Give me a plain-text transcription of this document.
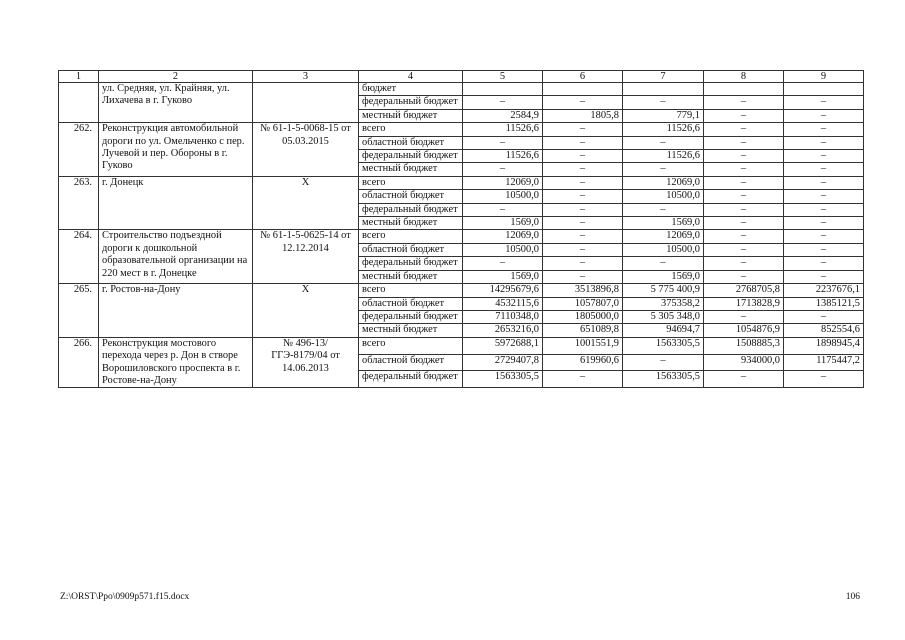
1	2	3	4	5	6	7	8	9
	ул. Средняя, ул. Крайняя, ул. Лихачева в г. Гуково		бюджет					
			федеральный бюджет	–	–	–	–	–
			местный бюджет	2584,9	1805,8	779,1	–	–
262.	Реконструкция автомобильной дороги по ул. Омельченко с пер. Лучевой и пер. Обороны в г. Гуково	№ 61-1-5-0068-15 от 05.03.2015	всего	11526,6	–	11526,6	–	–
			областной бюджет	–	–	–	–	–
			федеральный бюджет	11526,6	–	11526,6	–	–
			местный бюджет	–	–	–	–	–
263.	г. Донецк	Х	всего	12069,0	–	12069,0	–	–
			областной бюджет	10500,0	–	10500,0	–	–
			федеральный бюджет	–	–	–	–	–
			местный бюджет	1569,0	–	1569,0	–	–
264.	Строительство подъездной дороги к дошкольной образовательной организации на 220 мест в г. Донецке	№ 61-1-5-0625-14 от 12.12.2014	всего	12069,0	–	12069,0	–	–
			областной бюджет	10500,0	–	10500,0	–	–
			федеральный бюджет	–	–	–	–	–
			местный бюджет	1569,0	–	1569,0	–	–
265.	г. Ростов-на-Дону	Х	всего	14295679,6	3513896,8	5 775 400,9	2768705,8	2237676,1
			областной бюджет	4532115,6	1057807,0	375358,2	1713828,9	1385121,5
			федеральный бюджет	7110348,0	1805000,0	5 305 348,0	–	–
			местный бюджет	2653216,0	651089,8	94694,7	1054876,9	852554,6
266.	Реконструкция мостового перехода через р. Дон в створе Ворошиловского проспекта в г. Ростове-на-Дону	№ 496-13/ ГГЭ-8179/04 от 14.06.2013	всего	5972688,1	1001551,9	1563305,5	1508885,3	1898945,4
			областной бюджет	2729407,8	619960,6	–	934000,0	1175447,2
			федеральный бюджет	1563305,5	–	1563305,5	–	–
Z:\ORST\Ppo\0909p571.f15.docx	106
